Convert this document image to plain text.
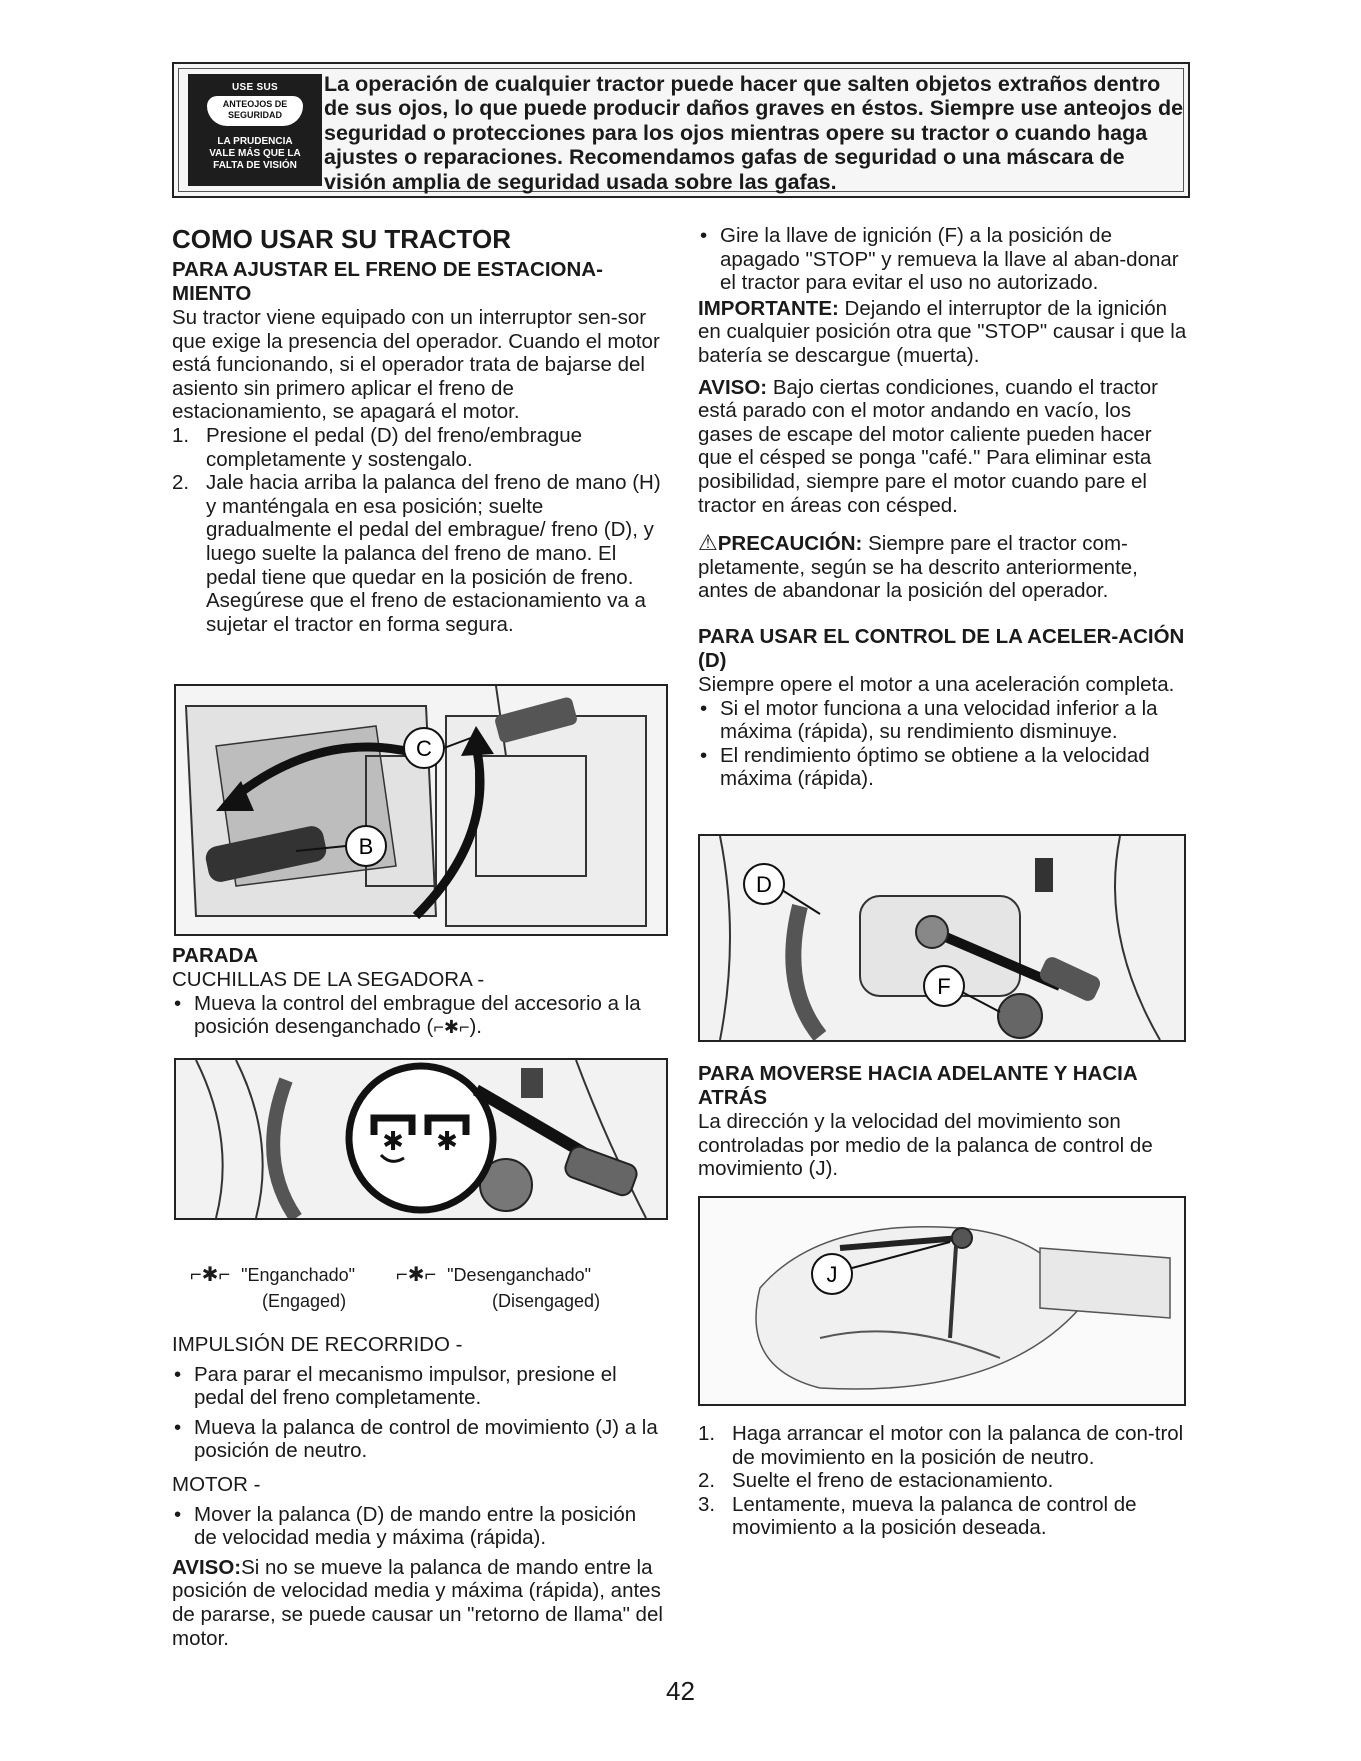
USE SUS
ANTEOJOS DE SEGURIDAD
LA PRUDENCIA
VALE MÁS QUE LA
FALTA DE VISIÓN
La operación de cualquier tractor puede hacer que salten objetos extraños dentro de sus ojos, lo que puede producir daños graves en éstos. Siempre use anteojos de seguridad o protecciones para los ojos mientras opere su tractor o cuando haga ajustes o reparaciones. Recomendamos gafas de seguridad o una máscara de visión amplia de seguridad usada sobre las gafas.
COMO USAR SU TRACTOR
PARA AJUSTAR EL FRENO DE ESTACIONA-MIENTO

Su tractor viene equipado con un interruptor sen-sor que exige la presencia del operador. Cuando el motor está funcionando, si el operador trata de bajarse del asiento sin primero aplicar el freno de estacionamiento, se apagará el motor.

1. Presione el pedal (D) del freno/embrague completamente y sostengalo.
2. Jale hacia arriba la palanca del freno de mano (H) y manténgala en esa posición; suelte gradualmente el pedal del embrague/ freno (D), y luego suelte la palanca del freno de mano. El pedal tiene que quedar en la posición de freno. Asegúrese que el freno de estacionamiento va a sujetar el tractor en forma segura.
C
B
PARADA

CUCHILLAS DE LA SEGADORA -

• Mueva la control del embrague del accesorio a la posición desenganchado (⌐✱⌐).
✱ ✱
⌐✱⌐ "Enganchado" ⌐✱⌐ "Desenganchado"
(Engaged)	(Disengaged)

IMPULSIÓN DE RECORRIDO -

• Para parar el mecanismo impulsor, presione el pedal del freno completamente.
• Mueva la palanca de control de movimiento (J) a la posición de neutro.

MOTOR -

• Mover la palanca (D) de mando entre la posición de velocidad media y máxima (rápida).

AVISO:Si no se mueve la palanca de mando entre la posición de velocidad media y máxima (rápida), antes de pararse, se puede causar un "retorno de llama" del motor.

• Gire la llave de ignición (F) a la posición de apagado "STOP" y remueva la llave al aban-donar el tractor para evitar el uso no autorizado.

IMPORTANTE: Dejando el interruptor de la ignición en cualquier posición otra que "STOP" causar i que la batería se descargue (muerta).

AVISO: Bajo ciertas condiciones, cuando el tractor está parado con el motor andando en vacío, los gases de escape del motor caliente pueden hacer que el césped se ponga "café." Para eliminar esta posibilidad, siempre pare el motor cuando pare el tractor en áreas con césped.

⚠PRECAUCIÓN: Siempre pare el tractor com-pletamente, según se ha descrito anteriormente, antes de abandonar la posición del operador.

PARA USAR EL CONTROL DE LA ACELER-ACIÓN (D)

Siempre opere el motor a una aceleración completa.

• Si el motor funciona a una velocidad inferior a la máxima (rápida), su rendimiento disminuye.
• El rendimiento óptimo se obtiene a la velocidad máxima (rápida).
D
F
PARA MOVERSE HACIA ADELANTE Y HACIA ATRÁS

La dirección y la velocidad del movimiento son controladas por medio de la palanca de control de movimiento (J).

J
1. Haga arrancar el motor con la palanca de con-trol de movimiento en la posición de neutro.
2. Suelte el freno de estacionamiento.
3. Lentamente, mueva la palanca de control de movimiento a la posición deseada.
42
